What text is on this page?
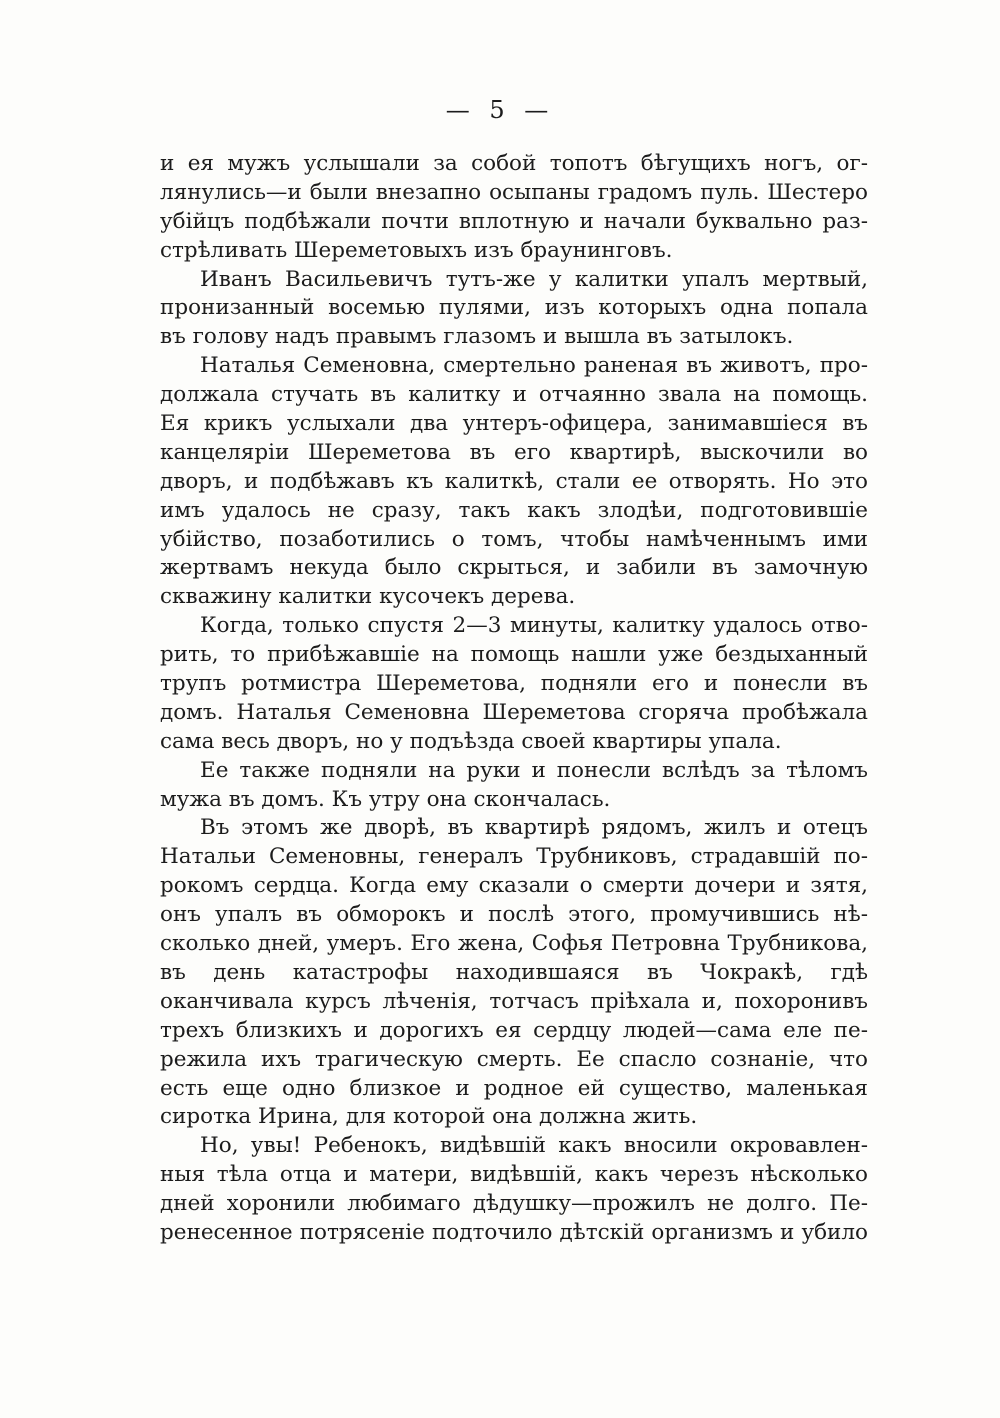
— 5 —
и ея мужъ услышали за собой топотъ бѣгущихъ ногъ, ог-
лянулись—и были внезапно осыпаны градомъ пуль. Шестеро
убійцъ подбѣжали почти вплотную и начали буквально раз-
стрѣливать Шереметовыхъ изъ браунинговъ.
Иванъ Васильевичъ тутъ-же у калитки упалъ мертвый,
пронизанный восемью пулями, изъ которыхъ одна попала
въ голову надъ правымъ глазомъ и вышла въ затылокъ.
Наталья Семеновна, смертельно раненая въ животъ, про-
должала стучать въ калитку и отчаянно звала на помощь.
Ея крикъ услыхали два унтеръ-офицера, занимавшіеся въ
канцеляріи Шереметова въ его квартирѣ, выскочили во
дворъ, и подбѣжавъ къ калиткѣ, стали ее отворять. Но это
имъ удалось не сразу, такъ какъ злодѣи, подготовившіе
убійство, позаботились о томъ, чтобы намѣченнымъ ими
жертвамъ некуда было скрыться, и забили въ замочную
скважину калитки кусочекъ дерева.
Когда, только спустя 2—3 минуты, калитку удалось отво-
рить, то прибѣжавшіе на помощь нашли уже бездыханный
трупъ ротмистра Шереметова, подняли его и понесли въ
домъ. Наталья Семеновна Шереметова сгоряча пробѣжала
сама весь дворъ, но у подъѣзда своей квартиры упала.
Ее также подняли на руки и понесли вслѣдъ за тѣломъ
мужа въ домъ. Къ утру она скончалась.
Въ этомъ же дворѣ, въ квартирѣ рядомъ, жилъ и отецъ
Натальи Семеновны, генералъ Трубниковъ, страдавшій по-
рокомъ сердца. Когда ему сказали о смерти дочери и зятя,
онъ упалъ въ обморокъ и послѣ этого, промучившись нѣ-
сколько дней, умеръ. Его жена, Софья Петровна Трубникова,
въ день катастрофы находившаяся въ Чокракѣ, гдѣ
оканчивала курсъ лѣченія, тотчасъ пріѣхала и, похоронивъ
трехъ близкихъ и дорогихъ ея сердцу людей—сама еле пе-
режила ихъ трагическую смерть. Ее спасло сознаніе, что
есть еще одно близкое и родное ей существо, маленькая
сиротка Ирина, для которой она должна жить.
Но, увы! Ребенокъ, видѣвшій какъ вносили окровавлен-
ныя тѣла отца и матери, видѣвшій, какъ черезъ нѣсколько
дней хоронили любимаго дѣдушку—прожилъ не долго. Пе-
ренесенное потрясеніе подточило дѣтскій организмъ и убило
